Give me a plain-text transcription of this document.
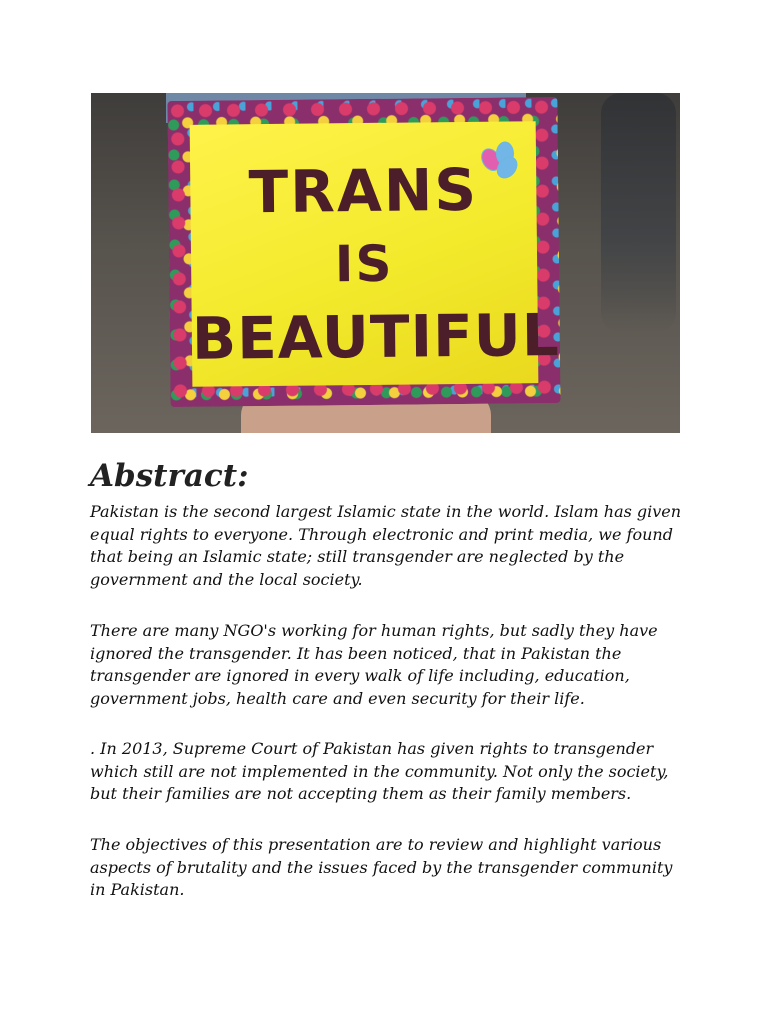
TRANS
IS
BEAUTIFUL
Abstract:

Pakistan is the second largest Islamic state in the world. Islam has given equal rights to everyone. Through electronic and print media, we found that being an Islamic state; still transgender are neglected by the government and the local society.

There are many NGO's working for human rights, but sadly they have ignored the transgender. It has been noticed, that in Pakistan the transgender are ignored in every walk of life including, education, government jobs, health care and even security for their life.

. In 2013, Supreme Court of Pakistan has given rights to transgender which still are not implemented in the community. Not only the society, but their families are not accepting them as their family members.

The objectives of this presentation are to review and highlight various aspects of brutality and the issues faced by the transgender community in Pakistan.
